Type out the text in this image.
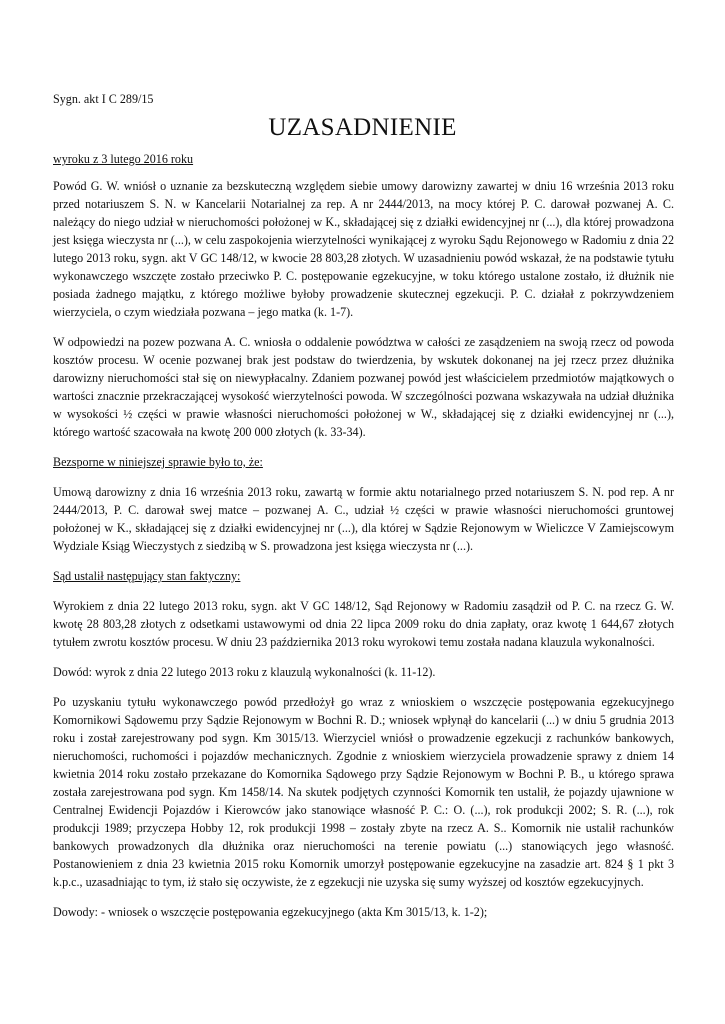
Sygn. akt I C 289/15

UZASADNIENIE

wyroku z 3 lutego 2016 roku

Powód G. W. wniósł o uznanie za bezskuteczną względem siebie umowy darowizny zawartej w dniu 16 września 2013 roku przed notariuszem S. N. w Kancelarii Notarialnej za rep. A nr 2444/2013, na mocy której P. C. darował pozwanej A. C. należący do niego udział w nieruchomości położonej w K., składającej się z działki ewidencyjnej nr (...), dla której prowadzona jest księga wieczysta nr (...), w celu zaspokojenia wierzytelności wynikającej z wyroku Sądu Rejonowego w Radomiu z dnia 22 lutego 2013 roku, sygn. akt V GC 148/12, w kwocie 28 803,28 złotych. W uzasadnieniu powód wskazał, że na podstawie tytułu wykonawczego wszczęte zostało przeciwko P. C. postępowanie egzekucyjne, w toku którego ustalone zostało, iż dłużnik nie posiada żadnego majątku, z którego możliwe byłoby prowadzenie skutecznej egzekucji. P. C. działał z pokrzywdzeniem wierzyciela, o czym wiedziała pozwana – jego matka (k. 1-7).

W odpowiedzi na pozew pozwana A. C. wniosła o oddalenie powództwa w całości ze zasądzeniem na swoją rzecz od powoda kosztów procesu. W ocenie pozwanej brak jest podstaw do twierdzenia, by wskutek dokonanej na jej rzecz przez dłużnika darowizny nieruchomości stał się on niewypłacalny. Zdaniem pozwanej powód jest właścicielem przedmiotów majątkowych o wartości znacznie przekraczającej wysokość wierzytelności powoda. W szczególności pozwana wskazywała na udział dłużnika w wysokości ½ części w prawie własności nieruchomości położonej w W., składającej się z działki ewidencyjnej nr (...), którego wartość szacowała na kwotę 200 000 złotych (k. 33-34).

Bezsporne w niniejszej sprawie było to, że:

Umową darowizny z dnia 16 września 2013 roku, zawartą w formie aktu notarialnego przed notariuszem S. N. pod rep. A nr 2444/2013, P. C. darował swej matce – pozwanej A. C., udział ½ części w prawie własności nieruchomości gruntowej położonej w K., składającej się z działki ewidencyjnej nr (...), dla której w Sądzie Rejonowym w Wieliczce V Zamiejscowym Wydziale Ksiąg Wieczystych z siedzibą w S. prowadzona jest księga wieczysta nr (...).

Sąd ustalił następujący stan faktyczny:

Wyrokiem z dnia 22 lutego 2013 roku, sygn. akt V GC 148/12, Sąd Rejonowy w Radomiu zasądził od P. C. na rzecz G. W. kwotę 28 803,28 złotych z odsetkami ustawowymi od dnia 22 lipca 2009 roku do dnia zapłaty, oraz kwotę 1 644,67 złotych tytułem zwrotu kosztów procesu. W dniu 23 października 2013 roku wyrokowi temu została nadana klauzula wykonalności.

Dowód: wyrok z dnia 22 lutego 2013 roku z klauzulą wykonalności (k. 11-12).

Po uzyskaniu tytułu wykonawczego powód przedłożył go wraz z wnioskiem o wszczęcie postępowania egzekucyjnego Komornikowi Sądowemu przy Sądzie Rejonowym w Bochni R. D.; wniosek wpłynął do kancelarii (...) w dniu 5 grudnia 2013 roku i został zarejestrowany pod sygn. Km 3015/13. Wierzyciel wniósł o prowadzenie egzekucji z rachunków bankowych, nieruchomości, ruchomości i pojazdów mechanicznych. Zgodnie z wnioskiem wierzyciela prowadzenie sprawy z dniem 14 kwietnia 2014 roku zostało przekazane do Komornika Sądowego przy Sądzie Rejonowym w Bochni P. B., u którego sprawa została zarejestrowana pod sygn. Km 1458/14. Na skutek podjętych czynności Komornik ten ustalił, że pojazdy ujawnione w Centralnej Ewidencji Pojazdów i Kierowców jako stanowiące własność P. C.: O. (...), rok produkcji 2002; S. R. (...), rok produkcji 1989; przyczepa Hobby 12, rok produkcji 1998 – zostały zbyte na rzecz A. S.. Komornik nie ustalił rachunków bankowych prowadzonych dla dłużnika oraz nieruchomości na terenie powiatu (...) stanowiących jego własność. Postanowieniem z dnia 23 kwietnia 2015 roku Komornik umorzył postępowanie egzekucyjne na zasadzie art. 824 § 1 pkt 3 k.p.c., uzasadniając to tym, iż stało się oczywiste, że z egzekucji nie uzyska się sumy wyższej od kosztów egzekucyjnych.

Dowody: - wniosek o wszczęcie postępowania egzekucyjnego (akta Km 3015/13, k. 1-2);
